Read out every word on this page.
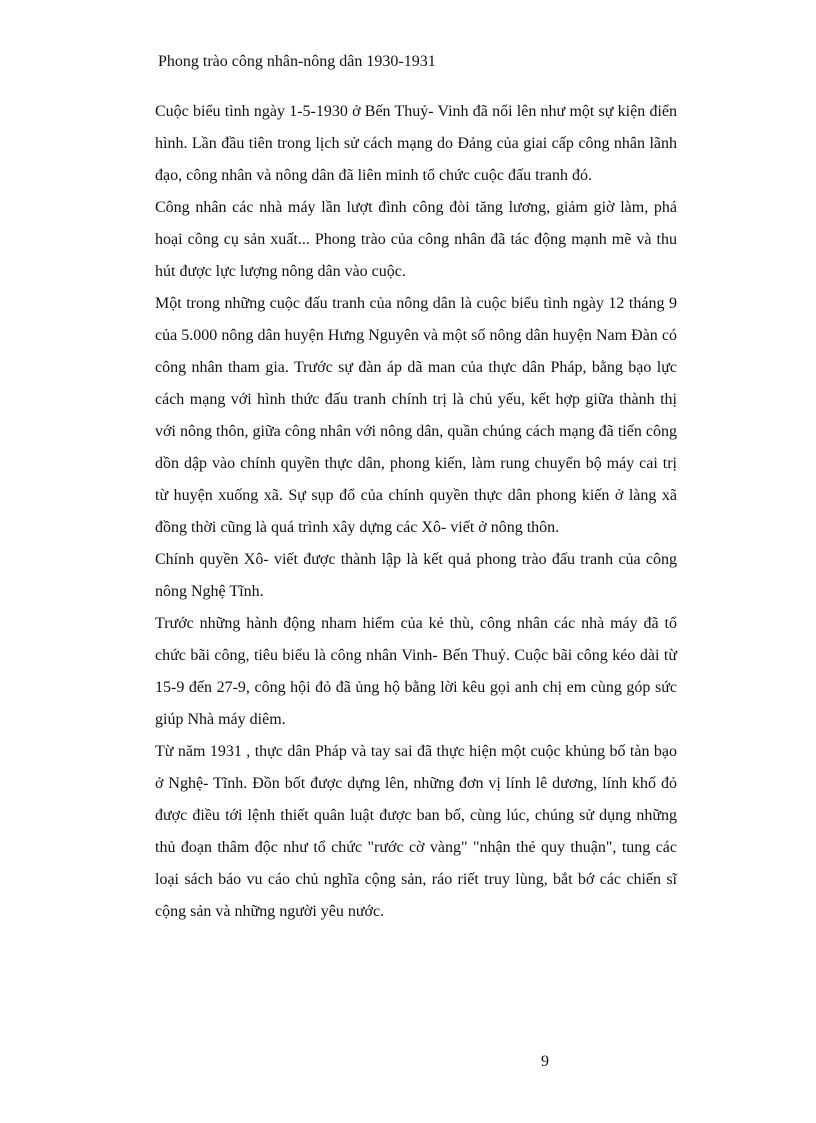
Phong trào công nhân-nông dân 1930-1931

Cuộc biểu tình ngày 1-5-1930 ở Bến Thuỷ- Vinh đã nổi lên như một sự kiện điển hình. Lần đầu tiên trong lịch sử cách mạng do Đảng của giai cấp công nhân lãnh đạo, công nhân và nông dân đã liên minh tổ chức cuộc đấu tranh đó.

Công nhân các nhà máy lần lượt đình công đòi tăng lương, giảm giờ làm, phá hoại công cụ sản xuất... Phong trào của công nhân đã tác động mạnh mẽ và thu hút được lực lượng nông dân vào cuộc.

Một trong những cuộc đấu tranh của nông dân là cuộc biểu tình ngày 12 tháng 9 của 5.000 nông dân huyện Hưng Nguyên và một số nông dân huyện Nam Đàn có công nhân tham gia. Trước sự đàn áp dã man của thực dân Pháp, bằng bạo lực cách mạng với hình thức đấu tranh chính trị là chủ yếu, kết hợp giữa thành thị với nông thôn, giữa công nhân với nông dân, quần chúng cách mạng đã tiến công dồn dập vào chính quyền thực dân, phong kiến, làm rung chuyển bộ máy cai trị từ huyện xuống xã. Sự sụp đổ của chính quyền thực dân phong kiến ở làng xã đồng thời cũng là quá trình xây dựng các Xô- viết ở nông thôn.

Chính quyền Xô- viết được thành lập là kết quả phong trào đấu tranh của công nông Nghệ Tĩnh.

Trước những hành động nham hiểm của kẻ thù, công nhân các nhà máy đã tổ chức bãi công, tiêu biểu là công nhân Vinh- Bến Thuỷ. Cuộc bãi công kéo dài từ 15-9 đến 27-9, công hội đỏ đã ủng hộ bằng lời kêu gọi anh chị em cùng góp sức giúp Nhà máy diêm.

Từ năm 1931 , thực dân Pháp và tay sai đã thực hiện một cuộc khủng bố tàn bạo ở Nghệ- Tĩnh. Đồn bốt được dựng lên, những đơn vị lính lê dương, lính khố đỏ được điều tới lệnh thiết quân luật được ban bố, cùng lúc, chúng sử dụng những thủ đoạn thâm độc như tổ chức "rước cờ vàng" "nhận thẻ quy thuận", tung các loại sách báo vu cáo chủ nghĩa cộng sản, ráo riết truy lùng, bắt bớ các chiến sĩ cộng sản và những người yêu nước.

9
